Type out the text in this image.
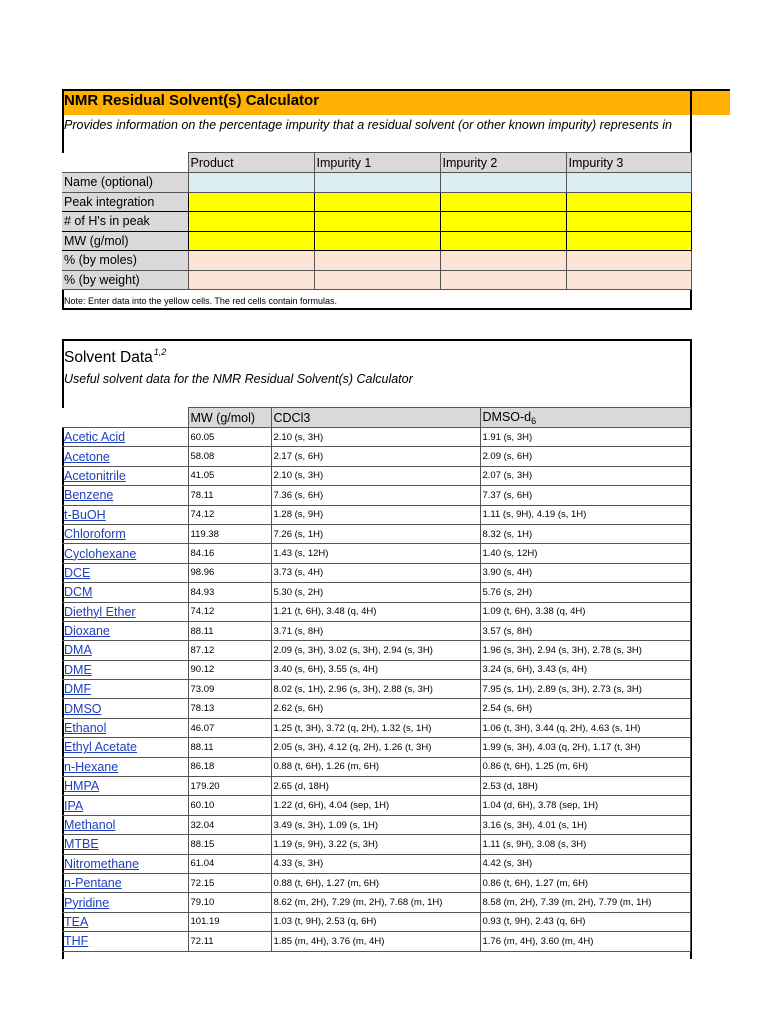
NMR Residual Solvent(s) Calculator
Provides information on the percentage impurity that a residual solvent (or other known impurity) represents in
	Product	Impurity 1	Impurity 2	Impurity 3
Name (optional)				
Peak integration				
# of H's in peak				
MW (g/mol)				
% (by moles)				
% (by weight)				
Note: Enter data into the yellow cells. The red cells contain formulas.
Solvent Data$^{1,2}$
Useful solvent data for the NMR Residual Solvent(s) Calculator
	MW (g/mol)	CDCl3	DMSO-$d_6$
Acetic Acid	60.05	2.10 (s, 3H)	1.91 (s, 3H)
Acetone	58.08	2.17 (s, 6H)	2.09 (s, 6H)
Acetonitrile	41.05	2.10 (s, 3H)	2.07 (s, 3H)
Benzene	78.11	7.36 (s, 6H)	7.37 (s, 6H)
t-BuOH	74.12	1.28 (s, 9H)	1.11 (s, 9H), 4.19 (s, 1H)
Chloroform	119.38	7.26 (s, 1H)	8.32 (s, 1H)
Cyclohexane	84.16	1.43 (s, 12H)	1.40 (s, 12H)
DCE	98.96	3.73 (s, 4H)	3.90 (s, 4H)
DCM	84.93	5.30 (s, 2H)	5.76 (s, 2H)
Diethyl Ether	74.12	1.21 (t, 6H), 3.48 (q, 4H)	1.09 (t, 6H), 3.38 (q, 4H)
Dioxane	88.11	3.71 (s, 8H)	3.57 (s, 8H)
DMA	87.12	2.09 (s, 3H), 3.02 (s, 3H), 2.94 (s, 3H)	1.96 (s, 3H), 2.94 (s, 3H), 2.78 (s, 3H)
DME	90.12	3.40 (s, 6H), 3.55 (s, 4H)	3.24 (s, 6H), 3.43 (s, 4H)
DMF	73.09	8.02 (s, 1H), 2.96 (s, 3H), 2.88 (s, 3H)	7.95 (s, 1H), 2.89 (s, 3H), 2.73 (s, 3H)
DMSO	78.13	2.62 (s, 6H)	2.54 (s, 6H)
Ethanol	46.07	1.25 (t, 3H), 3.72 (q, 2H), 1.32 (s, 1H)	1.06 (t, 3H), 3.44 (q, 2H), 4.63 (s, 1H)
Ethyl Acetate	88.11	2.05 (s, 3H), 4.12 (q, 2H), 1.26 (t, 3H)	1.99 (s, 3H), 4.03 (q, 2H), 1.17 (t, 3H)
n-Hexane	86.18	0.88 (t, 6H), 1.26 (m, 6H)	0.86 (t, 6H), 1.25 (m, 6H)
HMPA	179.20	2.65 (d, 18H)	2.53 (d, 18H)
IPA	60.10	1.22 (d, 6H), 4.04 (sep, 1H)	1.04 (d, 6H), 3.78 (sep, 1H)
Methanol	32.04	3.49 (s, 3H), 1.09 (s, 1H)	3.16 (s, 3H), 4.01 (s, 1H)
MTBE	88.15	1.19 (s, 9H), 3.22 (s, 3H)	1.11 (s, 9H), 3.08 (s, 3H)
Nitromethane	61.04	4.33 (s, 3H)	4.42 (s, 3H)
n-Pentane	72.15	0.88 (t, 6H), 1.27 (m, 6H)	0.86 (t, 6H), 1.27 (m, 6H)
Pyridine	79.10	8.62 (m, 2H), 7.29 (m, 2H), 7.68 (m, 1H)	8.58 (m, 2H), 7.39 (m, 2H), 7.79 (m, 1H)
TEA	101.19	1.03 (t, 9H), 2.53 (q, 6H)	0.93 (t, 9H), 2.43 (q, 6H)
THF	72.11	1.85 (m, 4H), 3.76 (m, 4H)	1.76 (m, 4H), 3.60 (m, 4H)
